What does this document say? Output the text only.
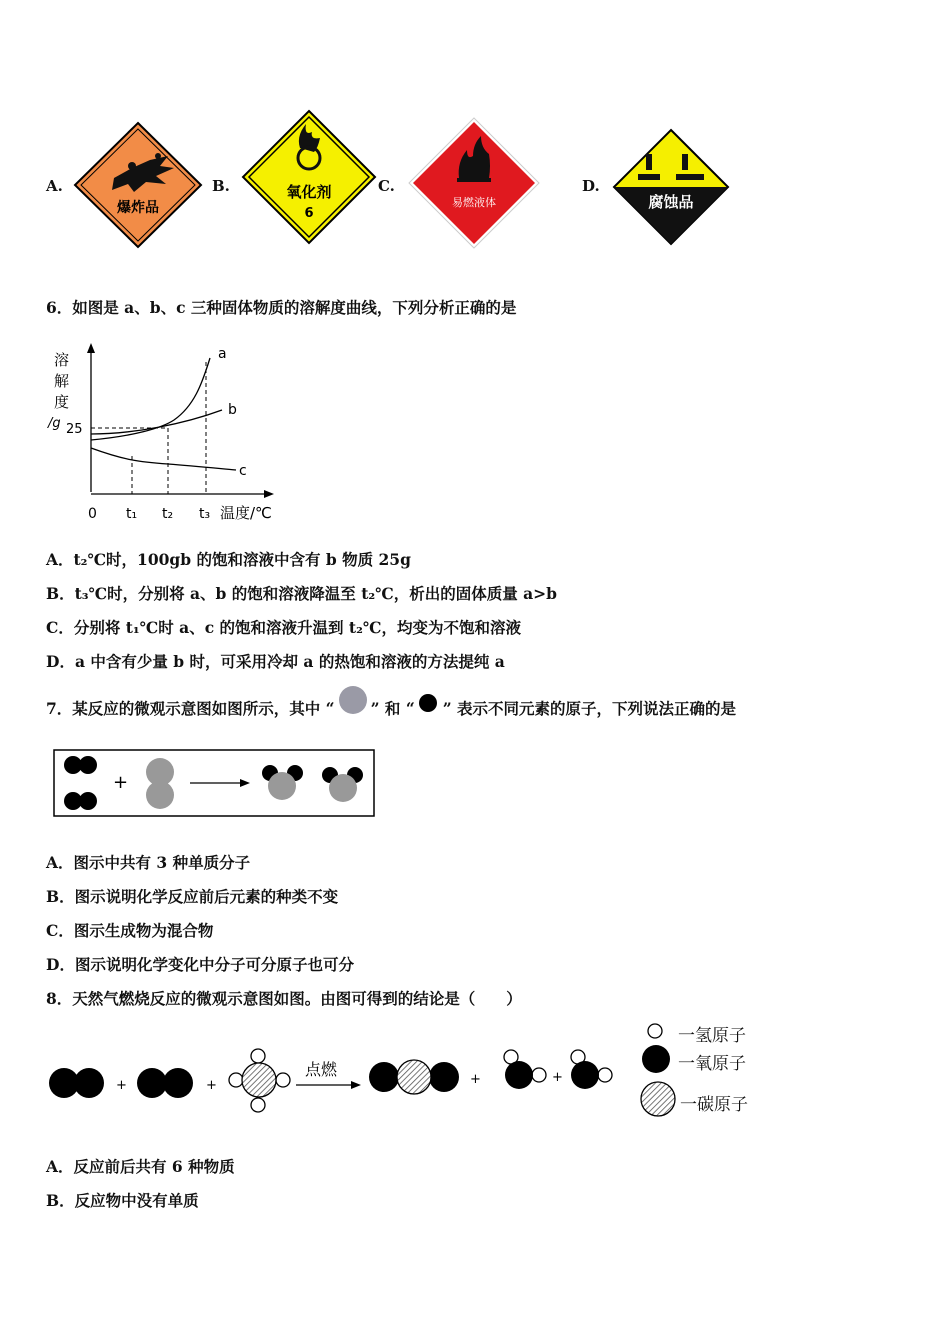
A.
爆炸品
B.	氧化剂
6
C.
易燃液体
D.
腐蚀品
6．如图是 a、b、c 三种固体物质的溶解度曲线，下列分析正确的是
溶
解
度
/g 25
a
b
c
0 t₁ t₂ t₃ 温度/℃
A．t₂℃时，100gb 的饱和溶液中含有 b 物质 25g
B．t₃℃时，分别将 a、b 的饱和溶液降温至 t₂℃，析出的固体质量 a>b
C．分别将 t₁℃时 a、c 的饱和溶液升温到 t₂℃，均变为不饱和溶液
D．a 中含有少量 b 时，可采用冷却 a 的热饱和溶液的方法提纯 a
7．某反应的微观示意图如图所示，其中 “ ” 和 “ ” 表示不同元素的原子，下列说法正确的是
+
A．图示中共有 3 种单质分子
B．图示说明化学反应前后元素的种类不变
C．图示生成物为混合物
D．图示说明化学变化中分子可分原子也可分
8．天然气燃烧反应的微观示意图如图。由图可得到的结论是（　　）
+	+
点燃
+	+
一氢原子
一氧原子
一碳原子
A．反应前后共有 6 种物质
B．反应物中没有单质
